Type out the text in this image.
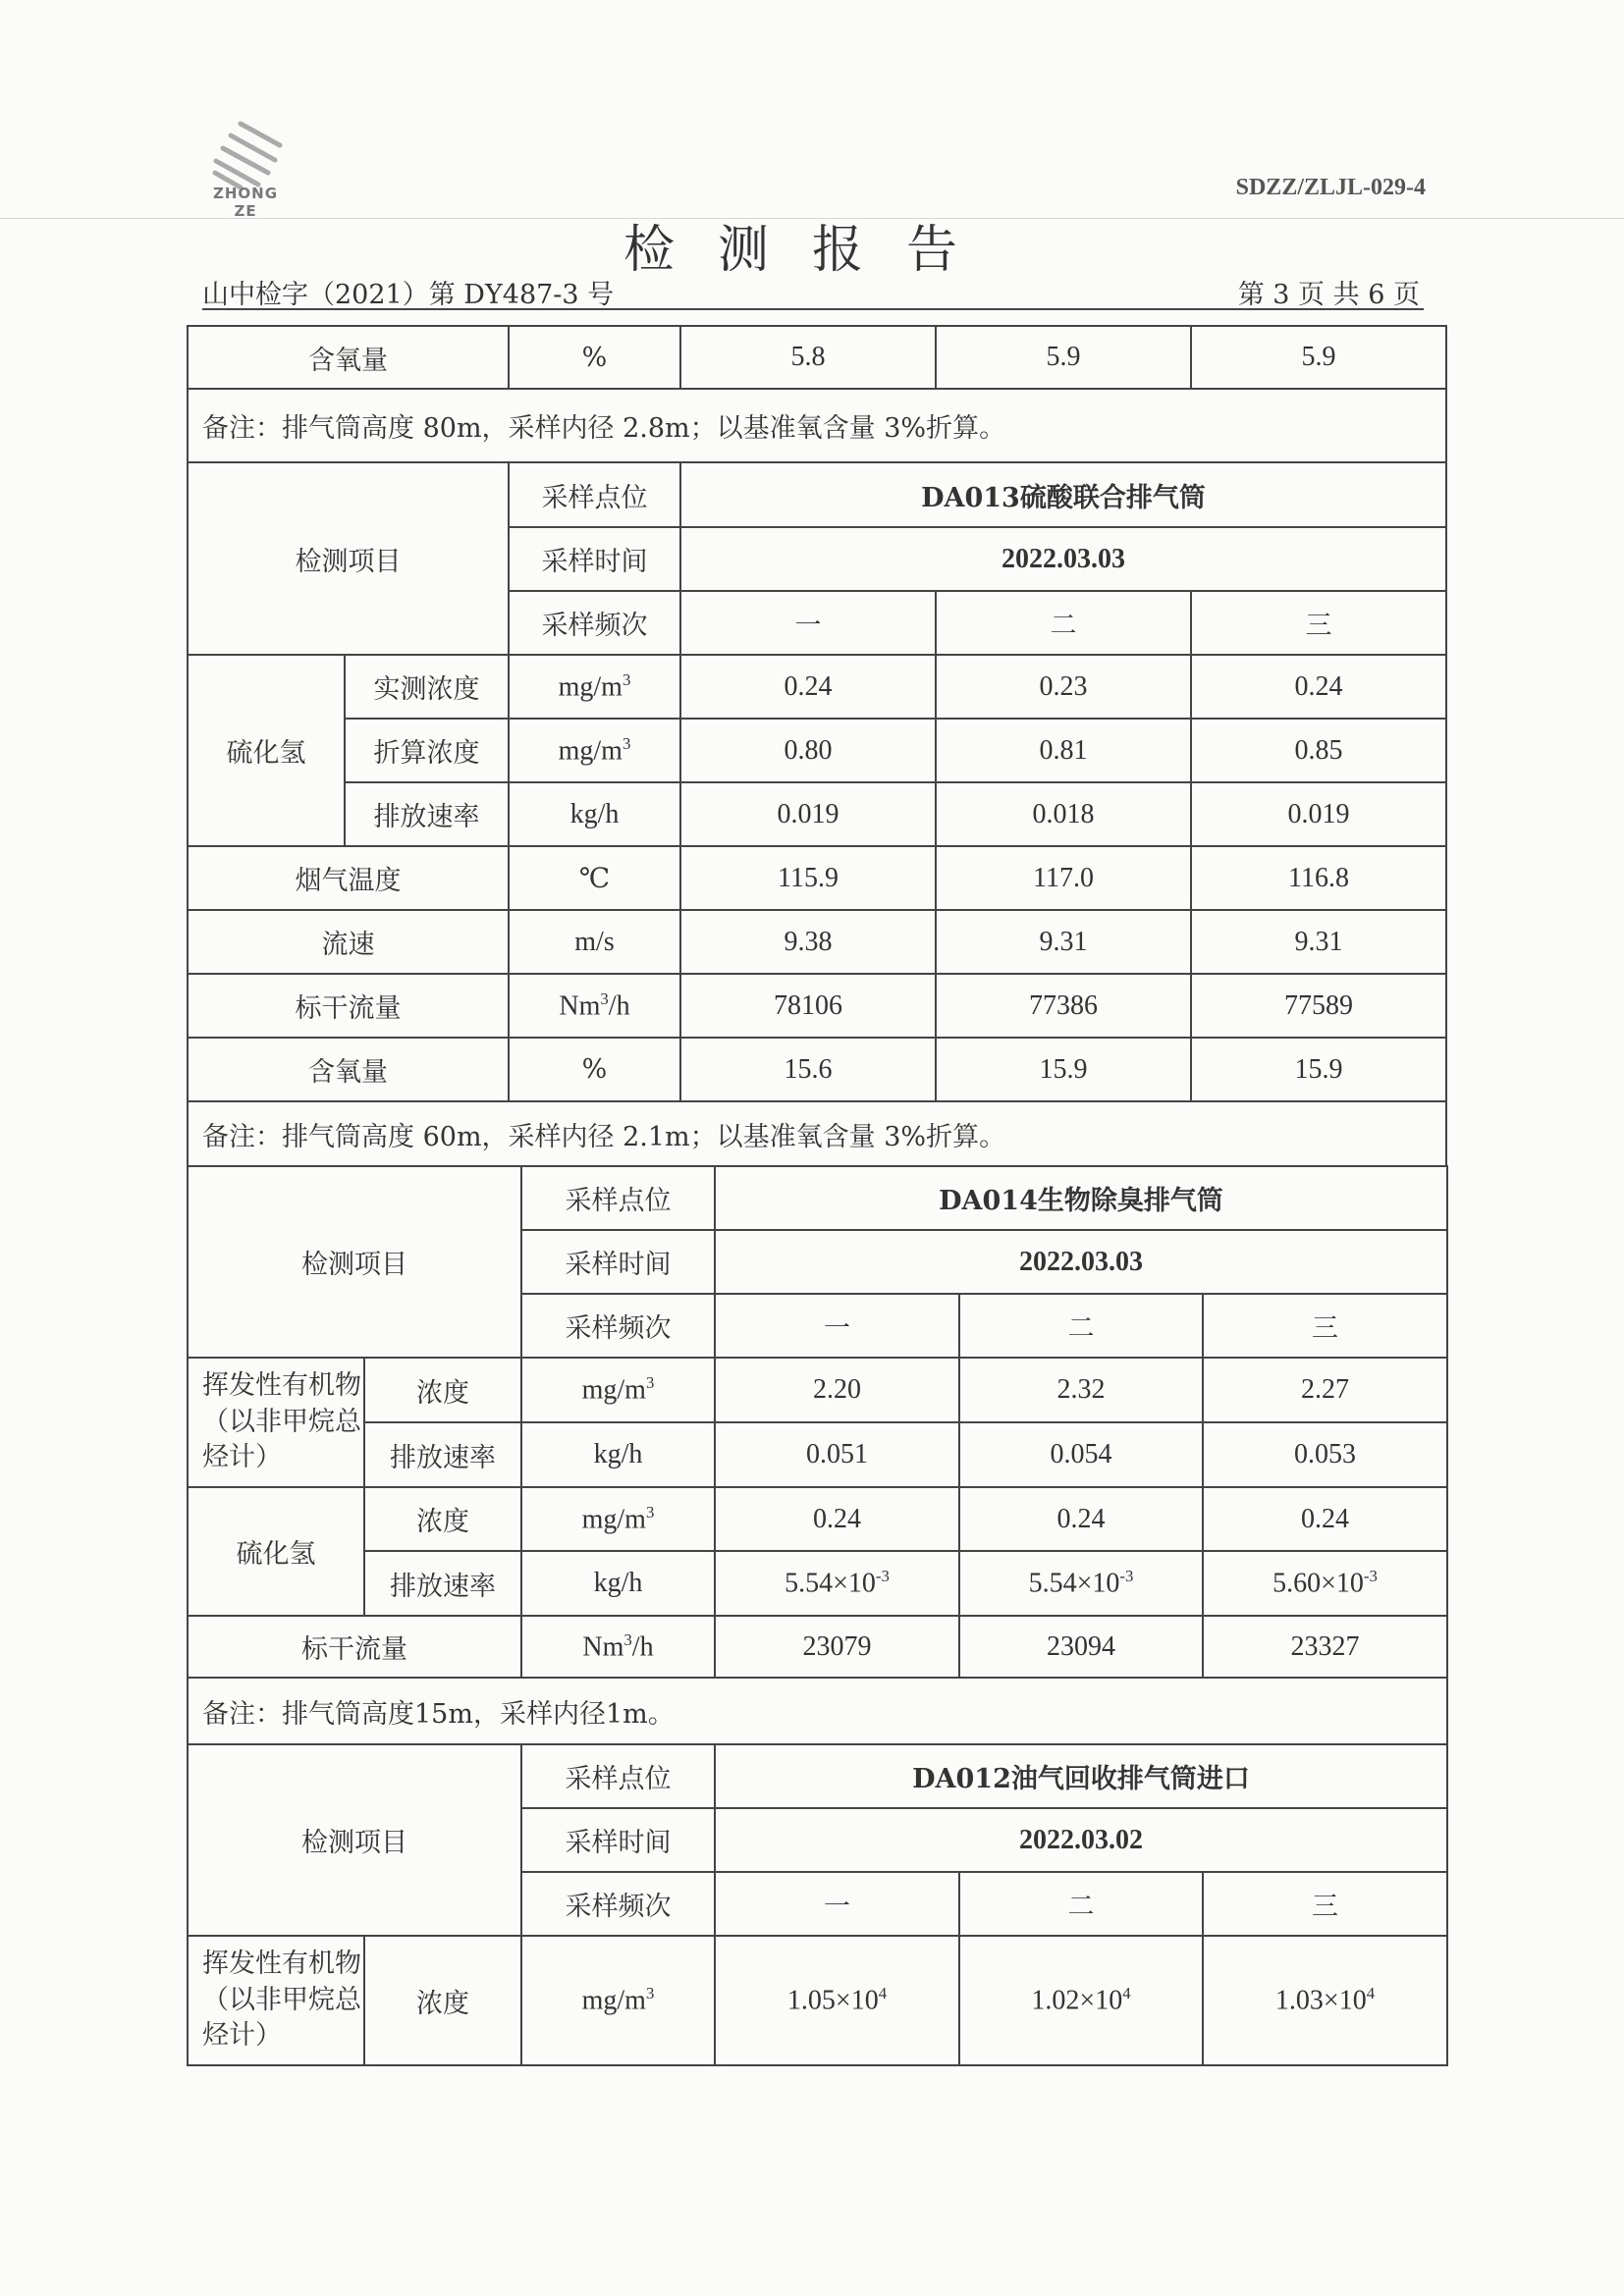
ZHONG ZE
SDZZ/ZLJL-029-4
检测报告
山中检字（2021）第 DY487-3 号	第 3 页 共 6 页
含氧量		%	5.8	5.9	5.9
备注：排气筒高度 80m，采样内径 2.8m；以基准氧含量 3%折算。					
检测项目		采样点位	DA013硫酸联合排气筒		
		采样时间	2022.03.03		
		采样频次	一	二	三
硫化氢	实测浓度	$mg/m^3$	0.24	0.23	0.24
	折算浓度	$mg/m^3$	0.80	0.81	0.85
	排放速率	kg/h	0.019	0.018	0.019
烟气温度		℃	115.9	117.0	116.8
流速		m/s	9.38	9.31	9.31
标干流量		Nm$^3$/h	78106	77386	77589
含氧量		%	15.6	15.9	15.9
备注：排气筒高度 60m，采样内径 2.1m；以基准氧含量 3%折算。					
检测项目		采样点位	DA014生物除臭排气筒		
		采样时间	2022.03.03		
		采样频次	一	二	三
挥发性有机物（以非甲烷总烃计）	浓度	$mg/m^3$	2.20	2.32	2.27
	排放速率	kg/h	0.051	0.054	0.053
硫化氢	浓度	$mg/m^3$	0.24	0.24	0.24
	排放速率	kg/h	$5.54\times 10^{-3}$	$5.54\times 10^{-3}$	$5.60\times 10^{-3}$
标干流量		Nm$^3$/h	23079	23094	23327
备注：排气筒高度15m，采样内径1m。					
检测项目		采样点位	DA012油气回收排气筒进口		
		采样时间	2022.03.02		
		采样频次	一	二	三
挥发性有机物（以非甲烷总烃计）	浓度	$mg/m^3$	$1.05\times 10^4$	$1.02\times 10^4$	$1.03\times 10^4$
